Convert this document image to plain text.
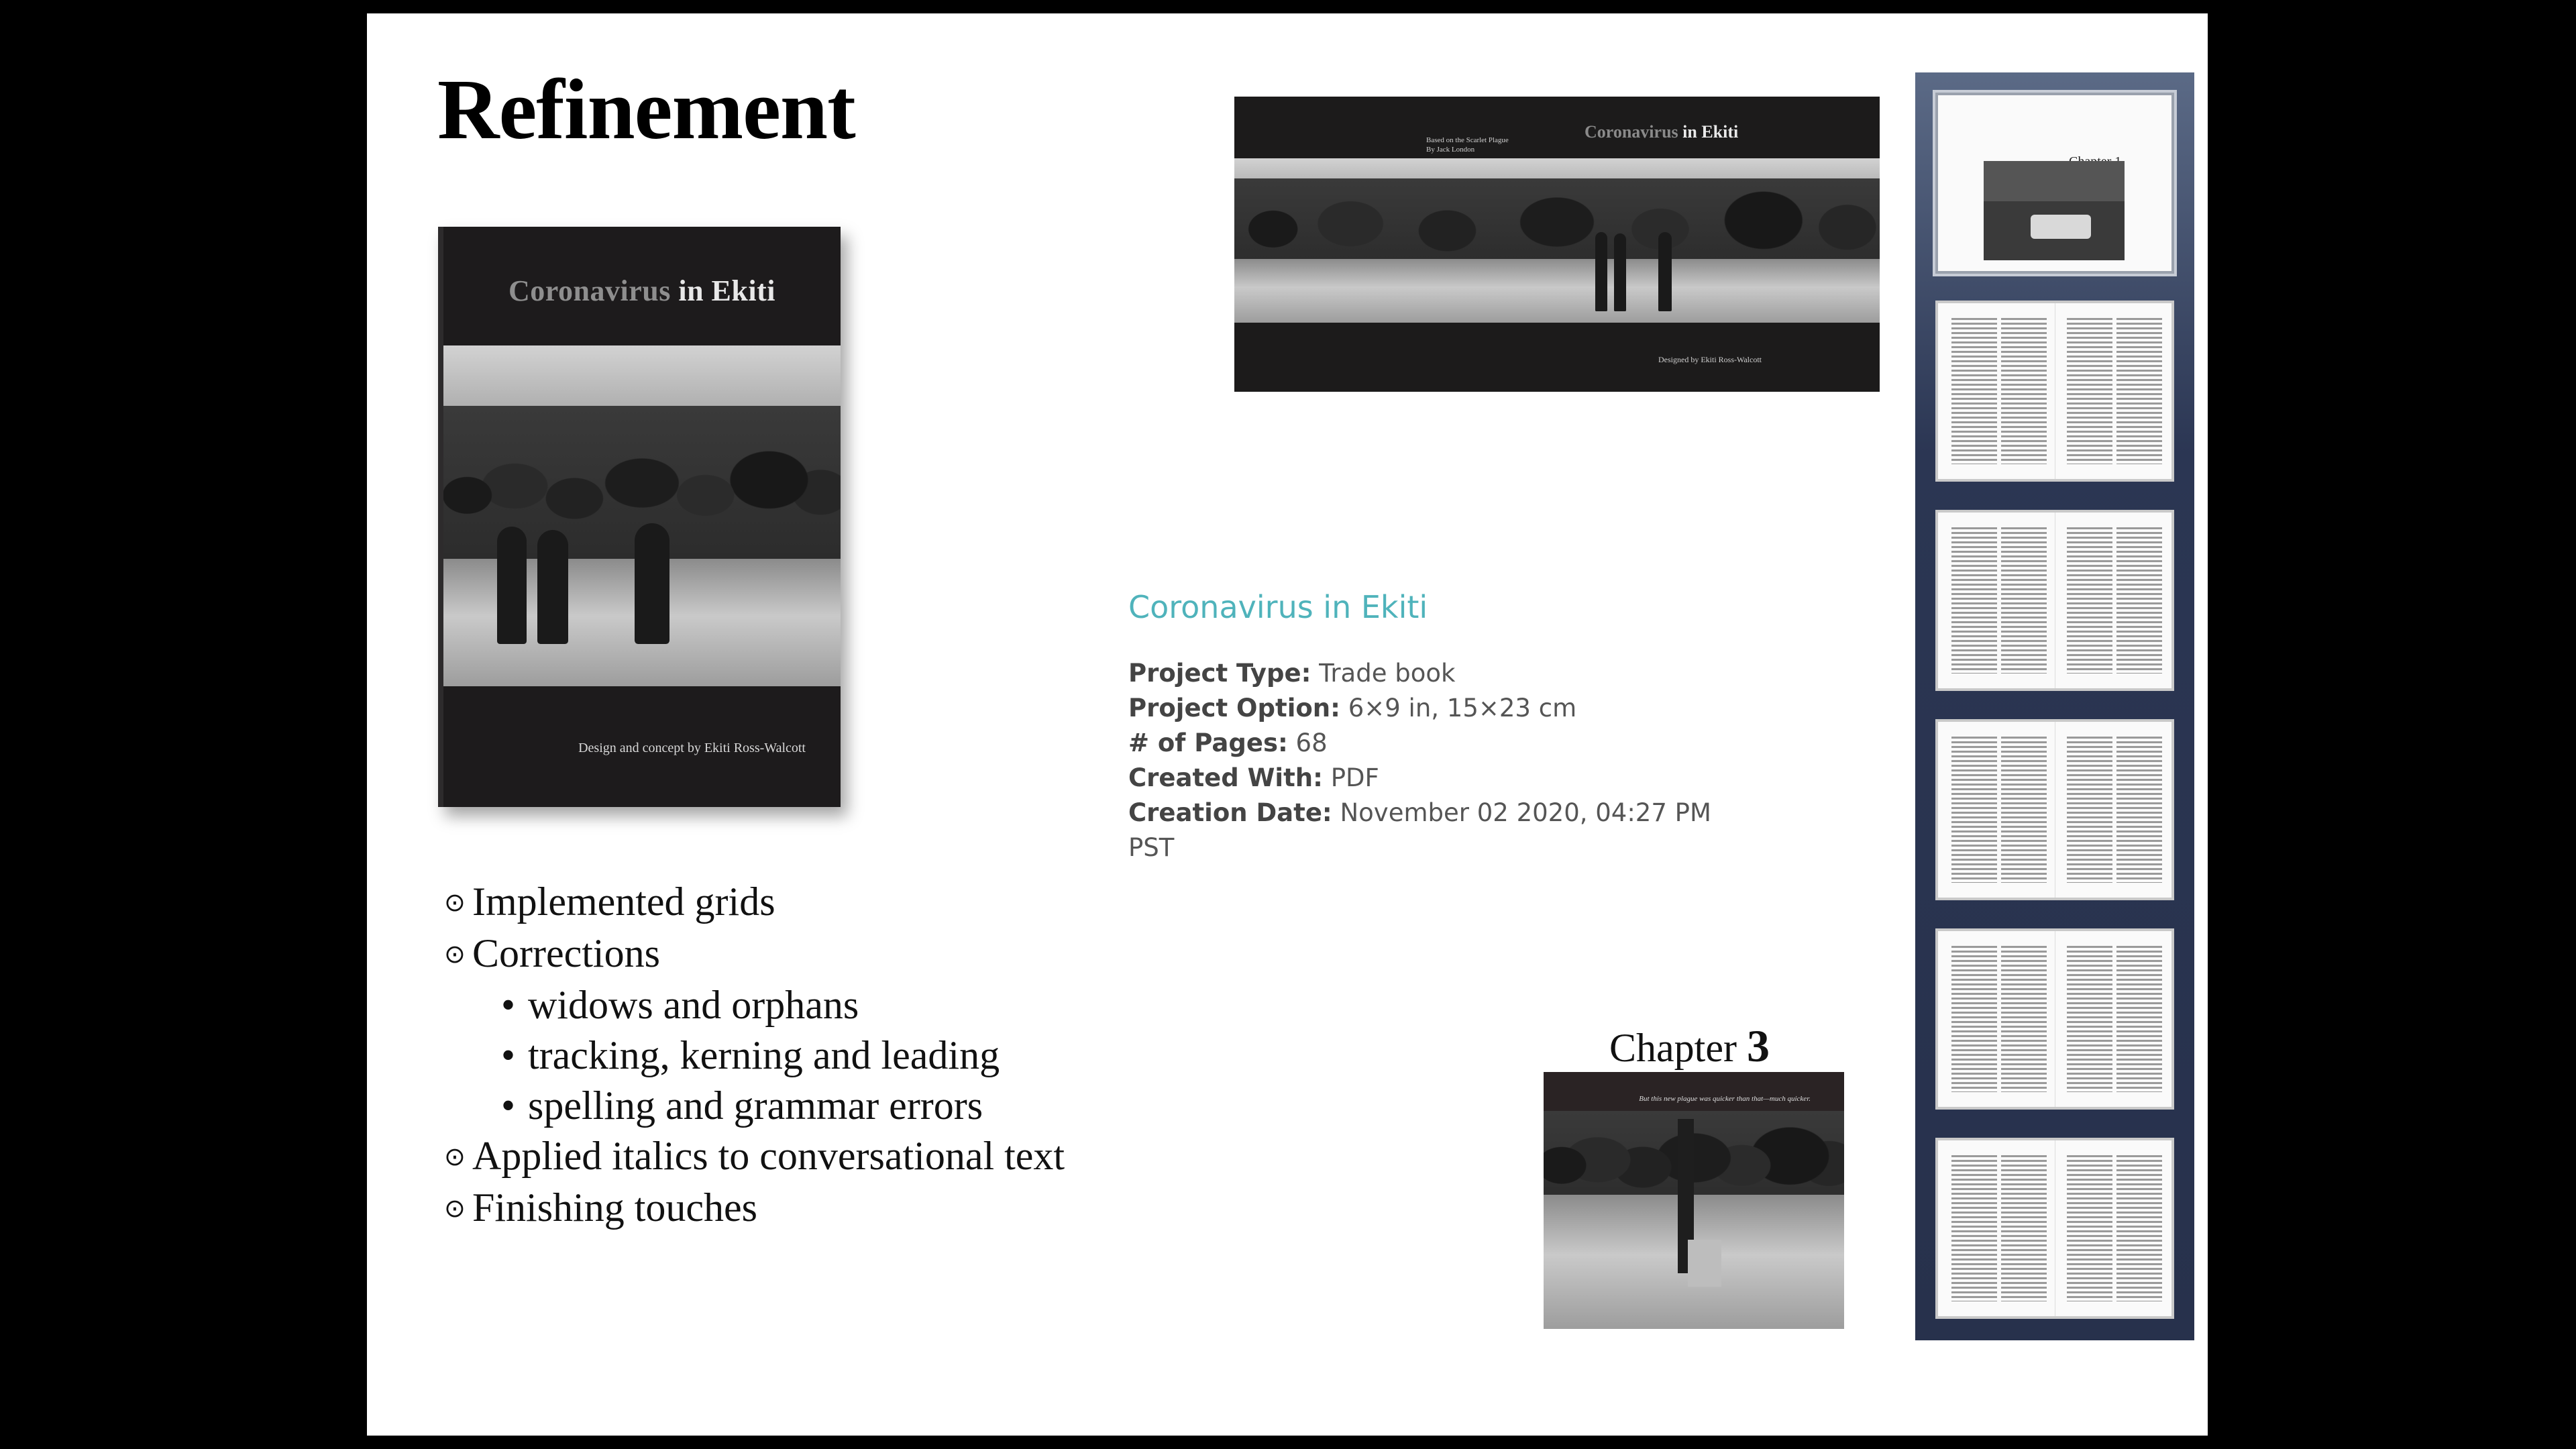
Refinement
Coronavirus in Ekiti
Design and concept by Ekiti Ross-Walcott
⊙ Implemented grids
⊙ Corrections
• widows and orphans
• tracking, kerning and leading
• spelling and grammar errors
⊙ Applied italics to conversational text
⊙ Finishing touches
Based on the Scarlet Plague
By Jack London
Coronavirus in Ekiti
Designed by Ekiti Ross-Walcott
Coronavirus in Ekiti
Project Type: Trade book
Project Option: 6×9 in, 15×23 cm
# of Pages: 68
Created With: PDF
Creation Date: November 02 2020, 04:27 PM
PST
Chapter 3
But this new plague was quicker than that—much quicker.
